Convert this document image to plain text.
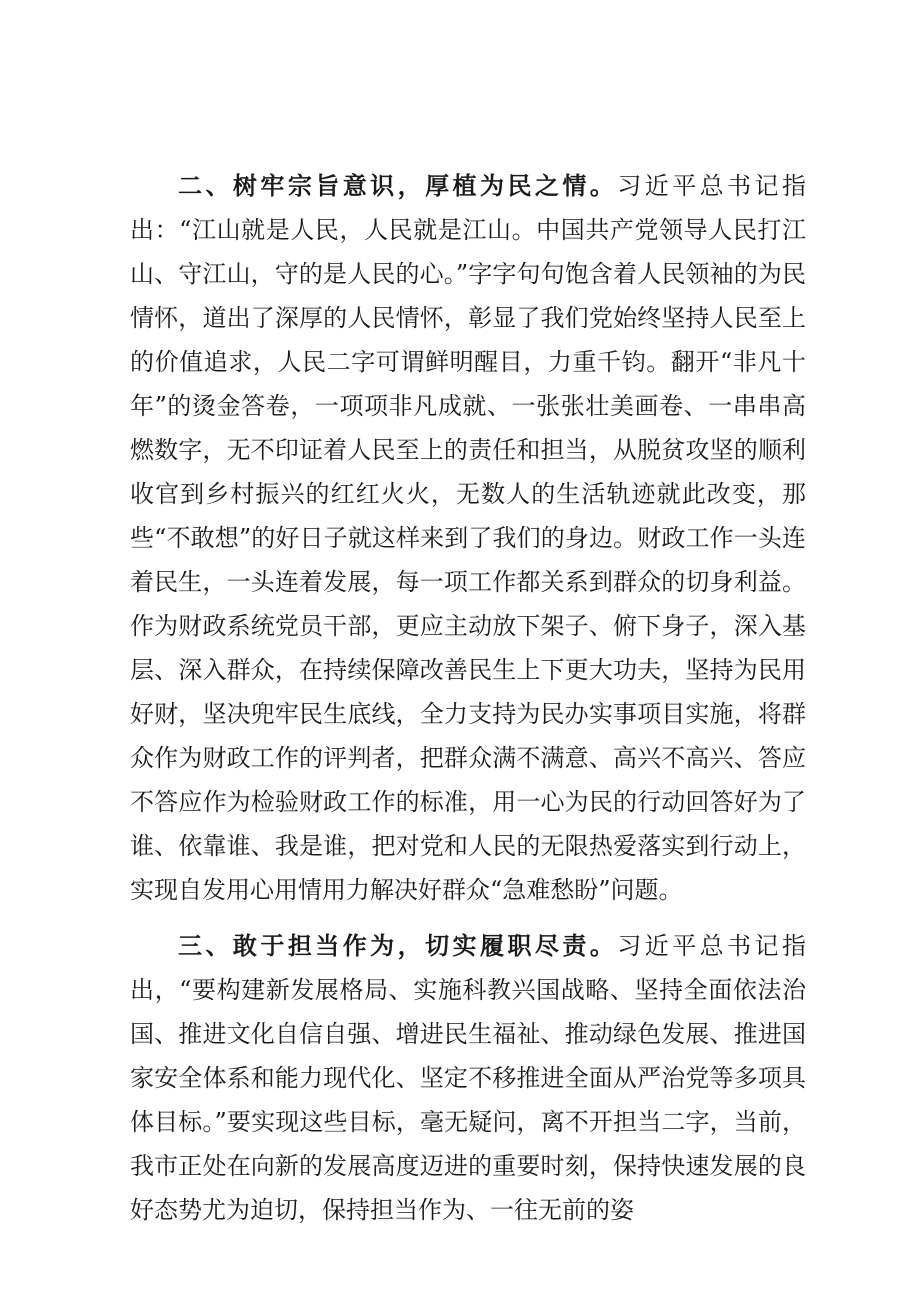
二、树牢宗旨意识，厚植为民之情。习近平总书记指出：“江山就是人民，人民就是江山。中国共产党领导人民打江山、守江山，守的是人民的心。”字字句句饱含着人民领袖的为民情怀，道出了深厚的人民情怀，彰显了我们党始终坚持人民至上的价值追求，人民二字可谓鲜明醒目，力重千钧。翻开“非凡十年”的烫金答卷，一项项非凡成就、一张张壮美画卷、一串串高燃数字，无不印证着人民至上的责任和担当，从脱贫攻坚的顺利收官到乡村振兴的红红火火，无数人的生活轨迹就此改变，那些“不敢想”的好日子就这样来到了我们的身边。财政工作一头连着民生，一头连着发展，每一项工作都关系到群众的切身利益。作为财政系统党员干部，更应主动放下架子、俯下身子，深入基层、深入群众，在持续保障改善民生上下更大功夫，坚持为民用好财，坚决兜牢民生底线，全力支持为民办实事项目实施，将群众作为财政工作的评判者，把群众满不满意、高兴不高兴、答应不答应作为检验财政工作的标准，用一心为民的行动回答好为了谁、依靠谁、我是谁，把对党和人民的无限热爱落实到行动上，实现自发用心用情用力解决好群众“急难愁盼”问题。

三、敢于担当作为，切实履职尽责。习近平总书记指出，“要构建新发展格局、实施科教兴国战略、坚持全面依法治国、推进文化自信自强、增进民生福祉、推动绿色发展、推进国家安全体系和能力现代化、坚定不移推进全面从严治党等多项具体目标。”要实现这些目标，毫无疑问，离不开担当二字，当前，我市正处在向新的发展高度迈进的重要时刻，保持快速发展的良好态势尤为迫切，保持担当作为、一往无前的姿
